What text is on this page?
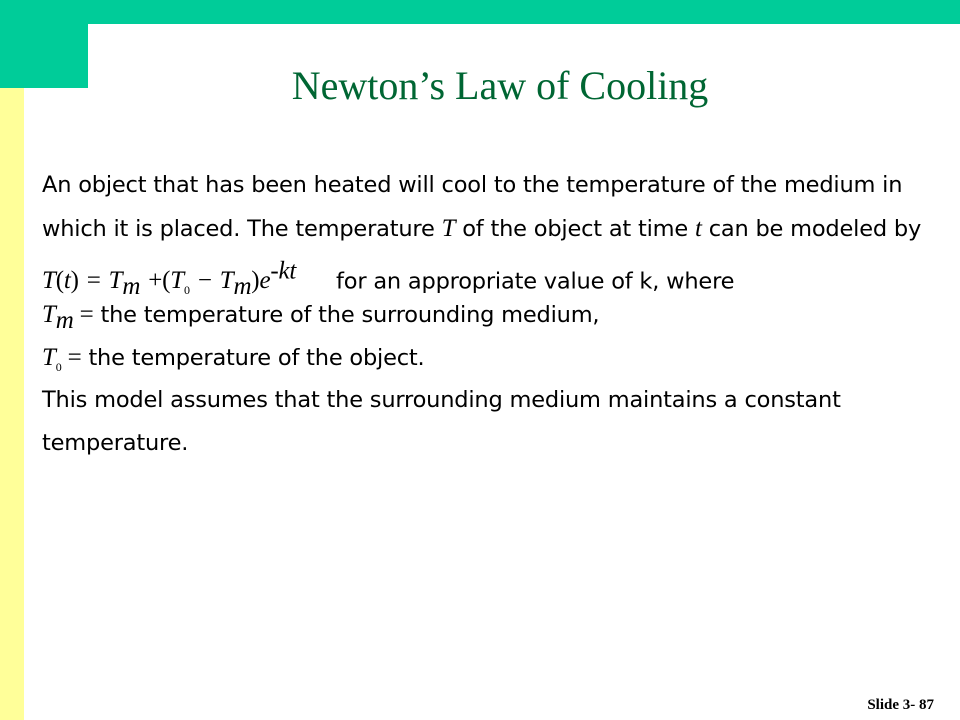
Newton’s Law of Cooling
An object that has been heated will cool to the temperature of the medium in
which it is placed. The temperature T of the object at time t can be modeled by
$T(t) = T_m +(T_0 - T_m)e^{-kt}$ for an appropriate value of k, where
$T_m$ = the temperature of the surrounding medium,
$T_0$ = the temperature of the object.
This model assumes that the surrounding medium maintains a constant
temperature.
Slide 3- 87
